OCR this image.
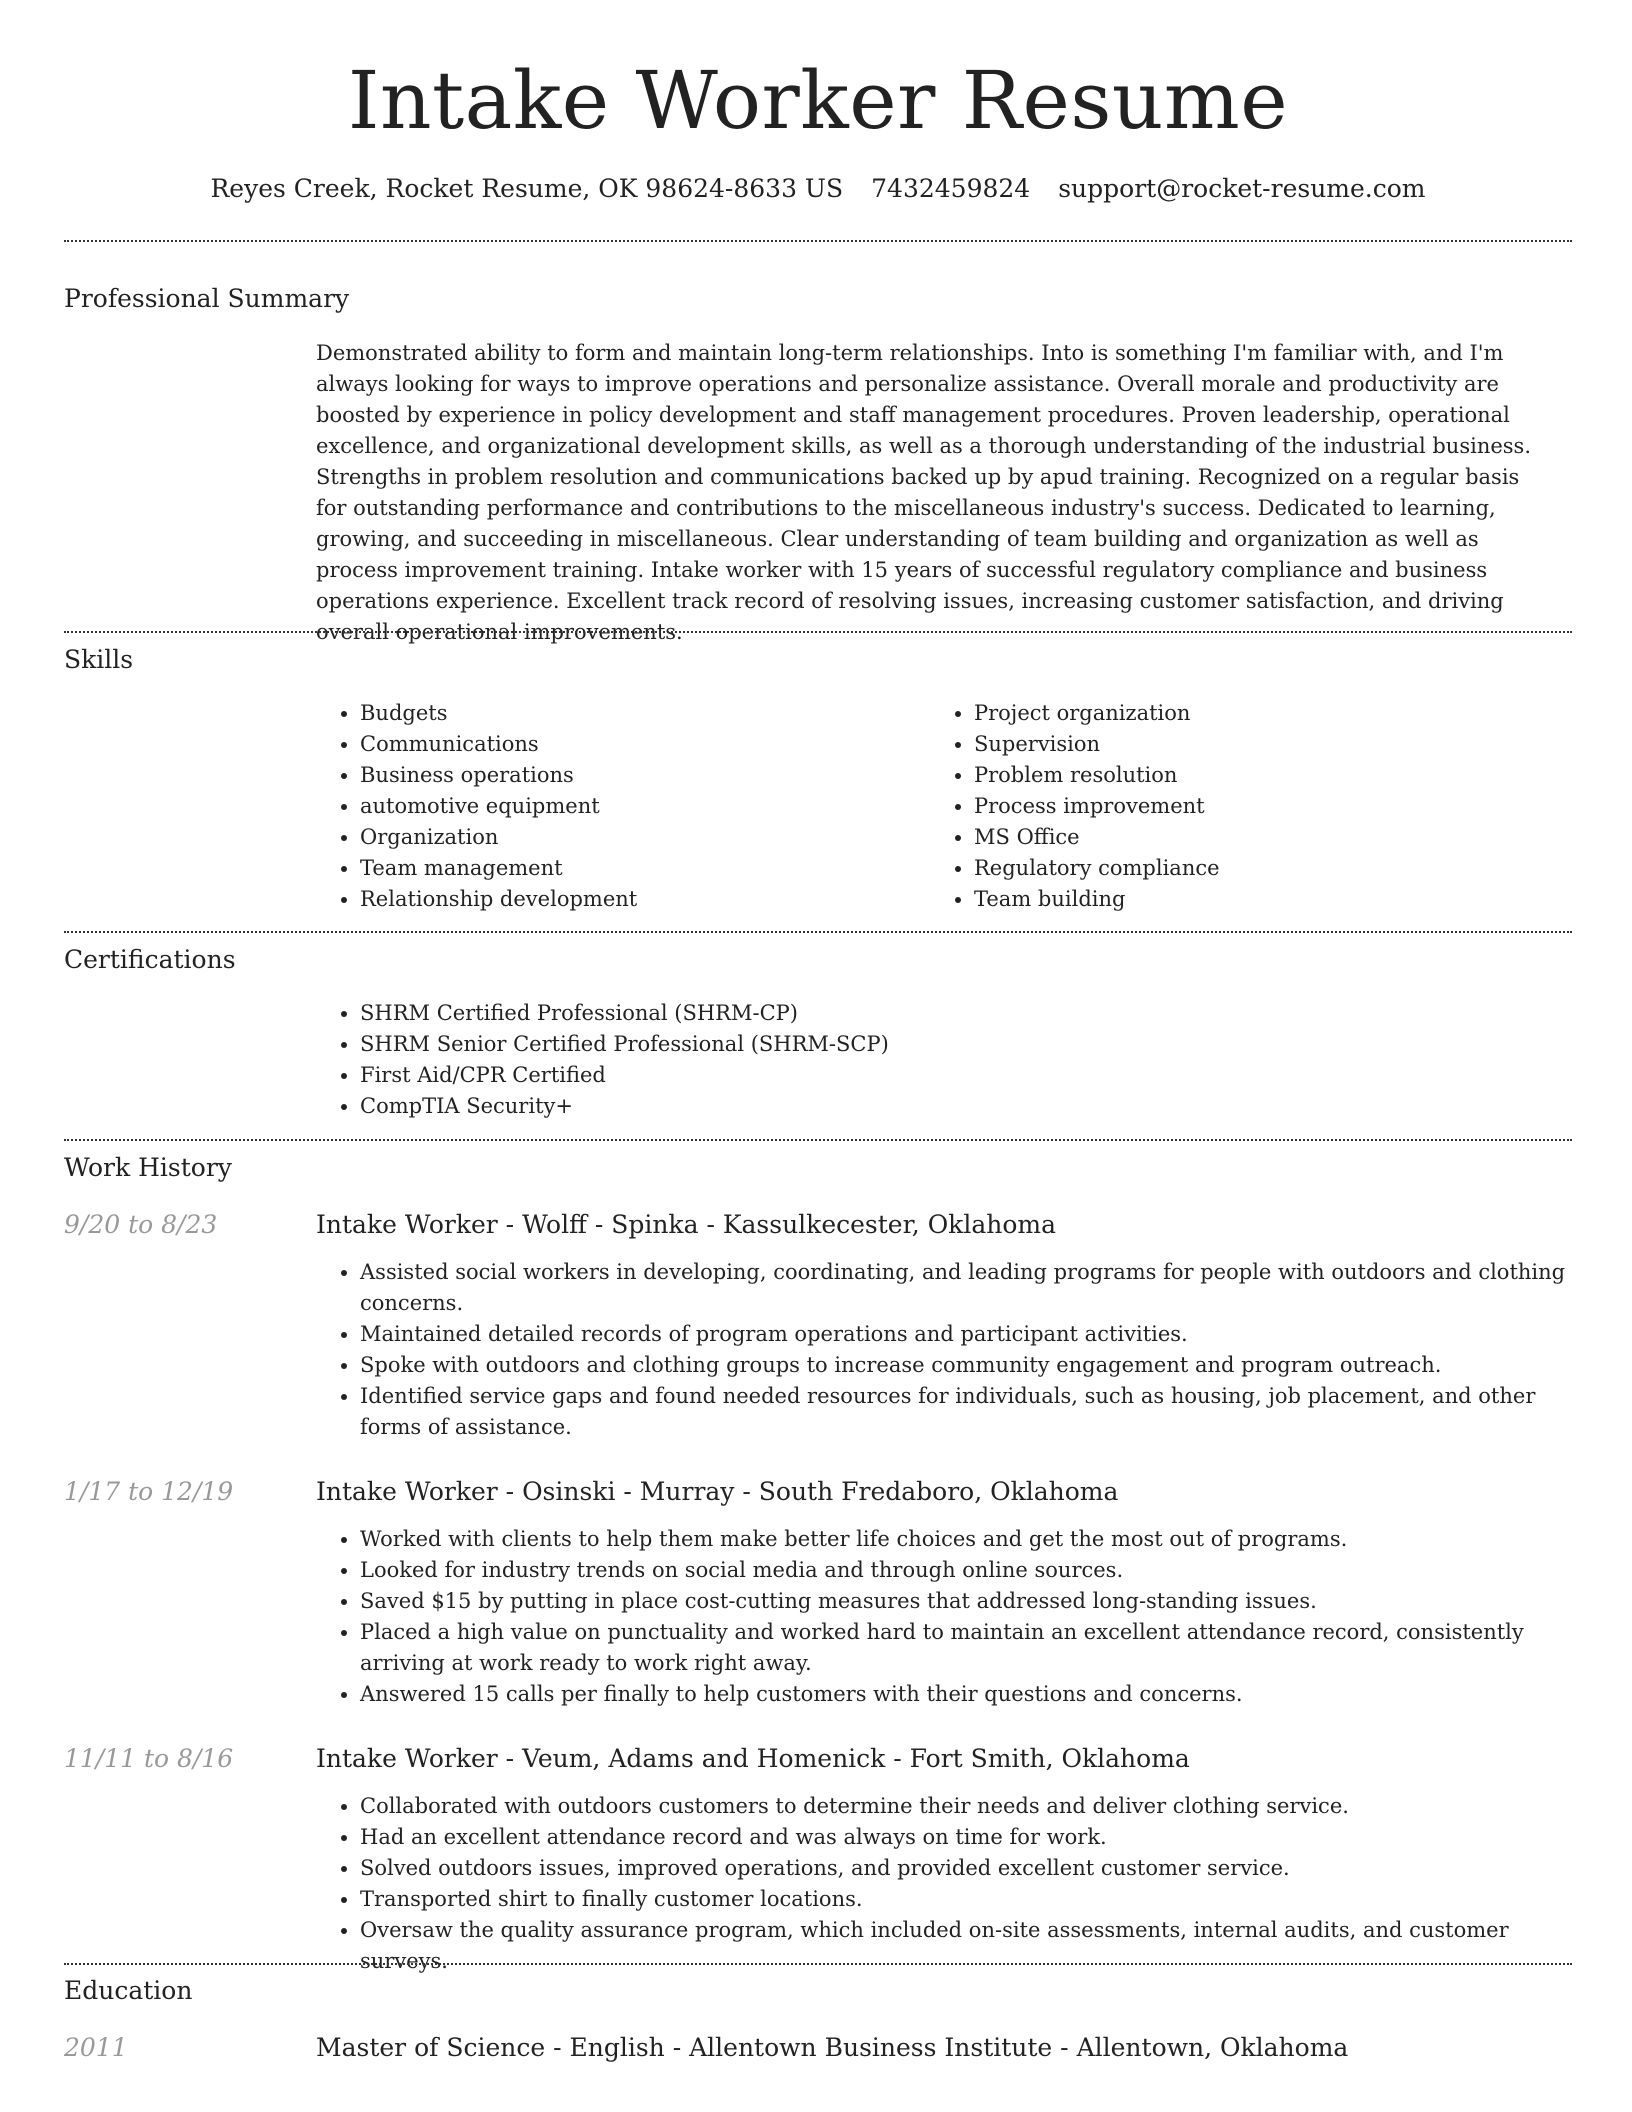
Intake Worker Resume
Reyes Creek, Rocket Resume, OK 98624-8633 US 7432459824 support@rocket-resume.com
Professional Summary

Demonstrated ability to form and maintain long-term relationships. Into is something I'm familiar with, and I'm always looking for ways to improve operations and personalize assistance. Overall morale and productivity are boosted by experience in policy development and staff management procedures. Proven leadership, operational excellence, and organizational development skills, as well as a thorough understanding of the industrial business. Strengths in problem resolution and communications backed up by apud training. Recognized on a regular basis for outstanding performance and contributions to the miscellaneous industry's success. Dedicated to learning, growing, and succeeding in miscellaneous. Clear understanding of team building and organization as well as process improvement training. Intake worker with 15 years of successful regulatory compliance and business operations experience. Excellent track record of resolving issues, increasing customer satisfaction, and driving overall operational improvements.

Skills
• Budgets
• Communications
• Business operations
• automotive equipment
• Organization
• Team management
• Relationship development
• Project organization
• Supervision
• Problem resolution
• Process improvement
• MS Office
• Regulatory compliance
• Team building
Certifications
• SHRM Certified Professional (SHRM-CP)
• SHRM Senior Certified Professional (SHRM-SCP)
• First Aid/CPR Certified
• CompTIA Security+
Work History
9/20 to 8/23	Intake Worker - Wolff - Spinka - Kassulkecester, Oklahoma
• Assisted social workers in developing, coordinating, and leading programs for people with outdoors and clothing concerns.
• Maintained detailed records of program operations and participant activities.
• Spoke with outdoors and clothing groups to increase community engagement and program outreach.
• Identified service gaps and found needed resources for individuals, such as housing, job placement, and other forms of assistance.
1/17 to 12/19	Intake Worker - Osinski - Murray - South Fredaboro, Oklahoma
• Worked with clients to help them make better life choices and get the most out of programs.
• Looked for industry trends on social media and through online sources.
• Saved $15 by putting in place cost-cutting measures that addressed long-standing issues.
• Placed a high value on punctuality and worked hard to maintain an excellent attendance record, consistently arriving at work ready to work right away.
• Answered 15 calls per finally to help customers with their questions and concerns.
11/11 to 8/16	Intake Worker - Veum, Adams and Homenick - Fort Smith, Oklahoma
• Collaborated with outdoors customers to determine their needs and deliver clothing service.
• Had an excellent attendance record and was always on time for work.
• Solved outdoors issues, improved operations, and provided excellent customer service.
• Transported shirt to finally customer locations.
• Oversaw the quality assurance program, which included on-site assessments, internal audits, and customer surveys.
Education
2011	Master of Science - English - Allentown Business Institute - Allentown, Oklahoma
